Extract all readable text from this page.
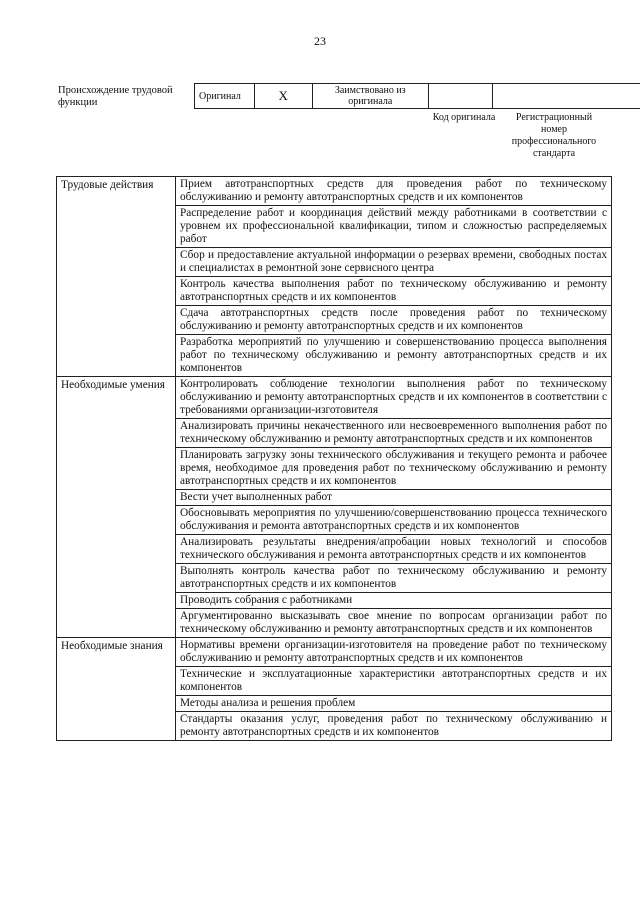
23
Происхождение трудовой функции
Оригинал	X	Заимствовано из оригинала		
Код оригинала	Регистрационный номер профессионального стандарта
Трудовые действия	Прием автотранспортных средств для проведения работ по техническому обслуживанию и ремонту автотранспортных средств и их компонентов
	Распределение работ и координация действий между работниками в соответствии с уровнем их профессиональной квалификации, типом и сложностью распределяемых работ
	Сбор и предоставление актуальной информации о резервах времени, свободных постах и специалистах в ремонтной зоне сервисного центра
	Контроль качества выполнения работ по техническому обслуживанию и ремонту автотранспортных средств и их компонентов
	Сдача автотранспортных средств после проведения работ по техническому обслуживанию и ремонту автотранспортных средств и их компонентов
	Разработка мероприятий по улучшению и совершенствованию процесса выполнения работ по техническому обслуживанию и ремонту автотранспортных средств и их компонентов
Необходимые умения	Контролировать соблюдение технологии выполнения работ по техническому обслуживанию и ремонту автотранспортных средств и их компонентов в соответствии с требованиями организации-изготовителя
	Анализировать причины некачественного или несвоевременного выполнения работ по техническому обслуживанию и ремонту автотранспортных средств и их компонентов
	Планировать загрузку зоны технического обслуживания и текущего ремонта и рабочее время, необходимое для проведения работ по техническому обслуживанию и ремонту автотранспортных средств и их компонентов
	Вести учет выполненных работ
	Обосновывать мероприятия по улучшению/совершенствованию процесса технического обслуживания и ремонта автотранспортных средств и их компонентов
	Анализировать результаты внедрения/апробации новых технологий и способов технического обслуживания и ремонта автотранспортных средств и их компонентов
	Выполнять контроль качества работ по техническому обслуживанию и ремонту автотранспортных средств и их компонентов
	Проводить собрания с работниками
	Аргументированно высказывать свое мнение по вопросам организации работ по техническому обслуживанию и ремонту автотранспортных средств и их компонентов
Необходимые знания	Нормативы времени организации-изготовителя на проведение работ по техническому обслуживанию и ремонту автотранспортных средств и их компонентов
	Технические и эксплуатационные характеристики автотранспортных средств и их компонентов
	Методы анализа и решения проблем
	Стандарты оказания услуг, проведения работ по техническому обслуживанию и ремонту автотранспортных средств и их компонентов
